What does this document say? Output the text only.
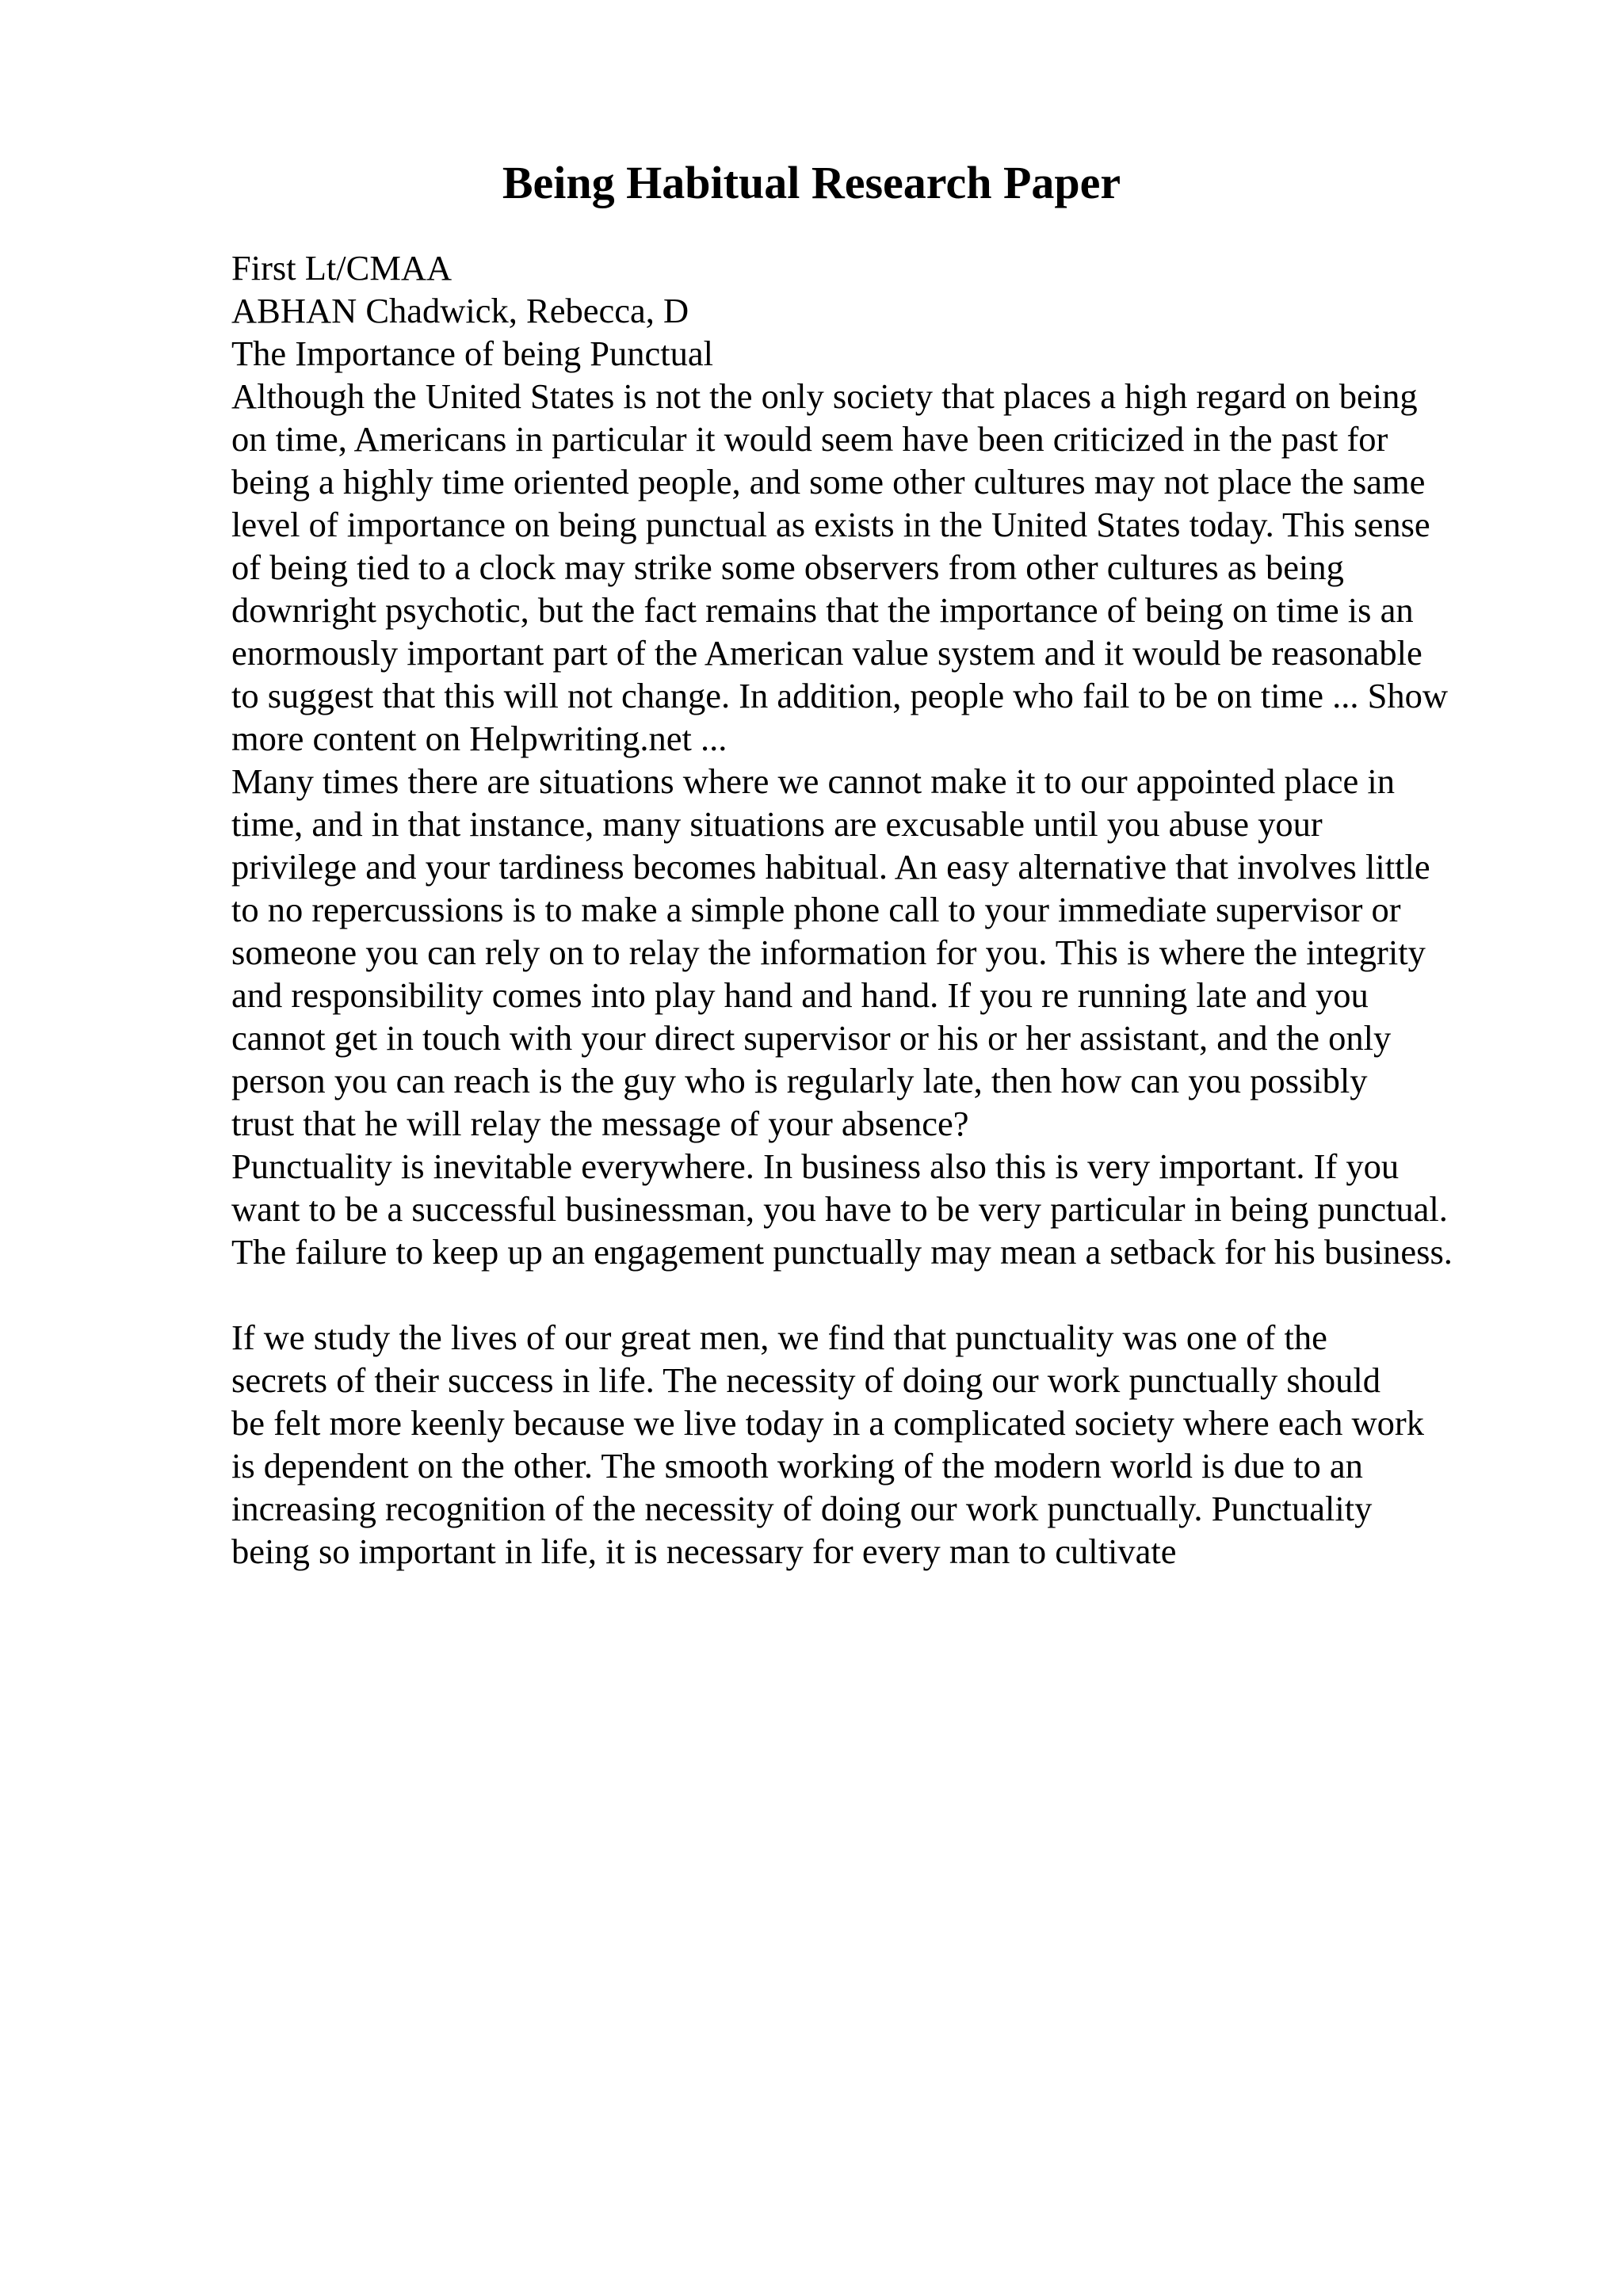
Being Habitual Research Paper
First Lt/CMAA
ABHAN Chadwick, Rebecca, D
The Importance of being Punctual
Although the United States is not the only society that places a high regard on being
on time, Americans in particular it would seem have been criticized in the past for
being a highly time oriented people, and some other cultures may not place the same
level of importance on being punctual as exists in the United States today. This sense
of being tied to a clock may strike some observers from other cultures as being
downright psychotic, but the fact remains that the importance of being on time is an
enormously important part of the American value system and it would be reasonable
to suggest that this will not change. In addition, people who fail to be on time ... Show
more content on Helpwriting.net ...
Many times there are situations where we cannot make it to our appointed place in
time, and in that instance, many situations are excusable until you abuse your
privilege and your tardiness becomes habitual. An easy alternative that involves little
to no repercussions is to make a simple phone call to your immediate supervisor or
someone you can rely on to relay the information for you. This is where the integrity
and responsibility comes into play hand and hand. If you re running late and you
cannot get in touch with your direct supervisor or his or her assistant, and the only
person you can reach is the guy who is regularly late, then how can you possibly
trust that he will relay the message of your absence?
Punctuality is inevitable everywhere. In business also this is very important. If you
want to be a successful businessman, you have to be very particular in being punctual.
The failure to keep up an engagement punctually may mean a setback for his business.
If we study the lives of our great men, we find that punctuality was one of the
secrets of their success in life. The necessity of doing our work punctually should
be felt more keenly because we live today in a complicated society where each work
is dependent on the other. The smooth working of the modern world is due to an
increasing recognition of the necessity of doing our work punctually. Punctuality
being so important in life, it is necessary for every man to cultivate
